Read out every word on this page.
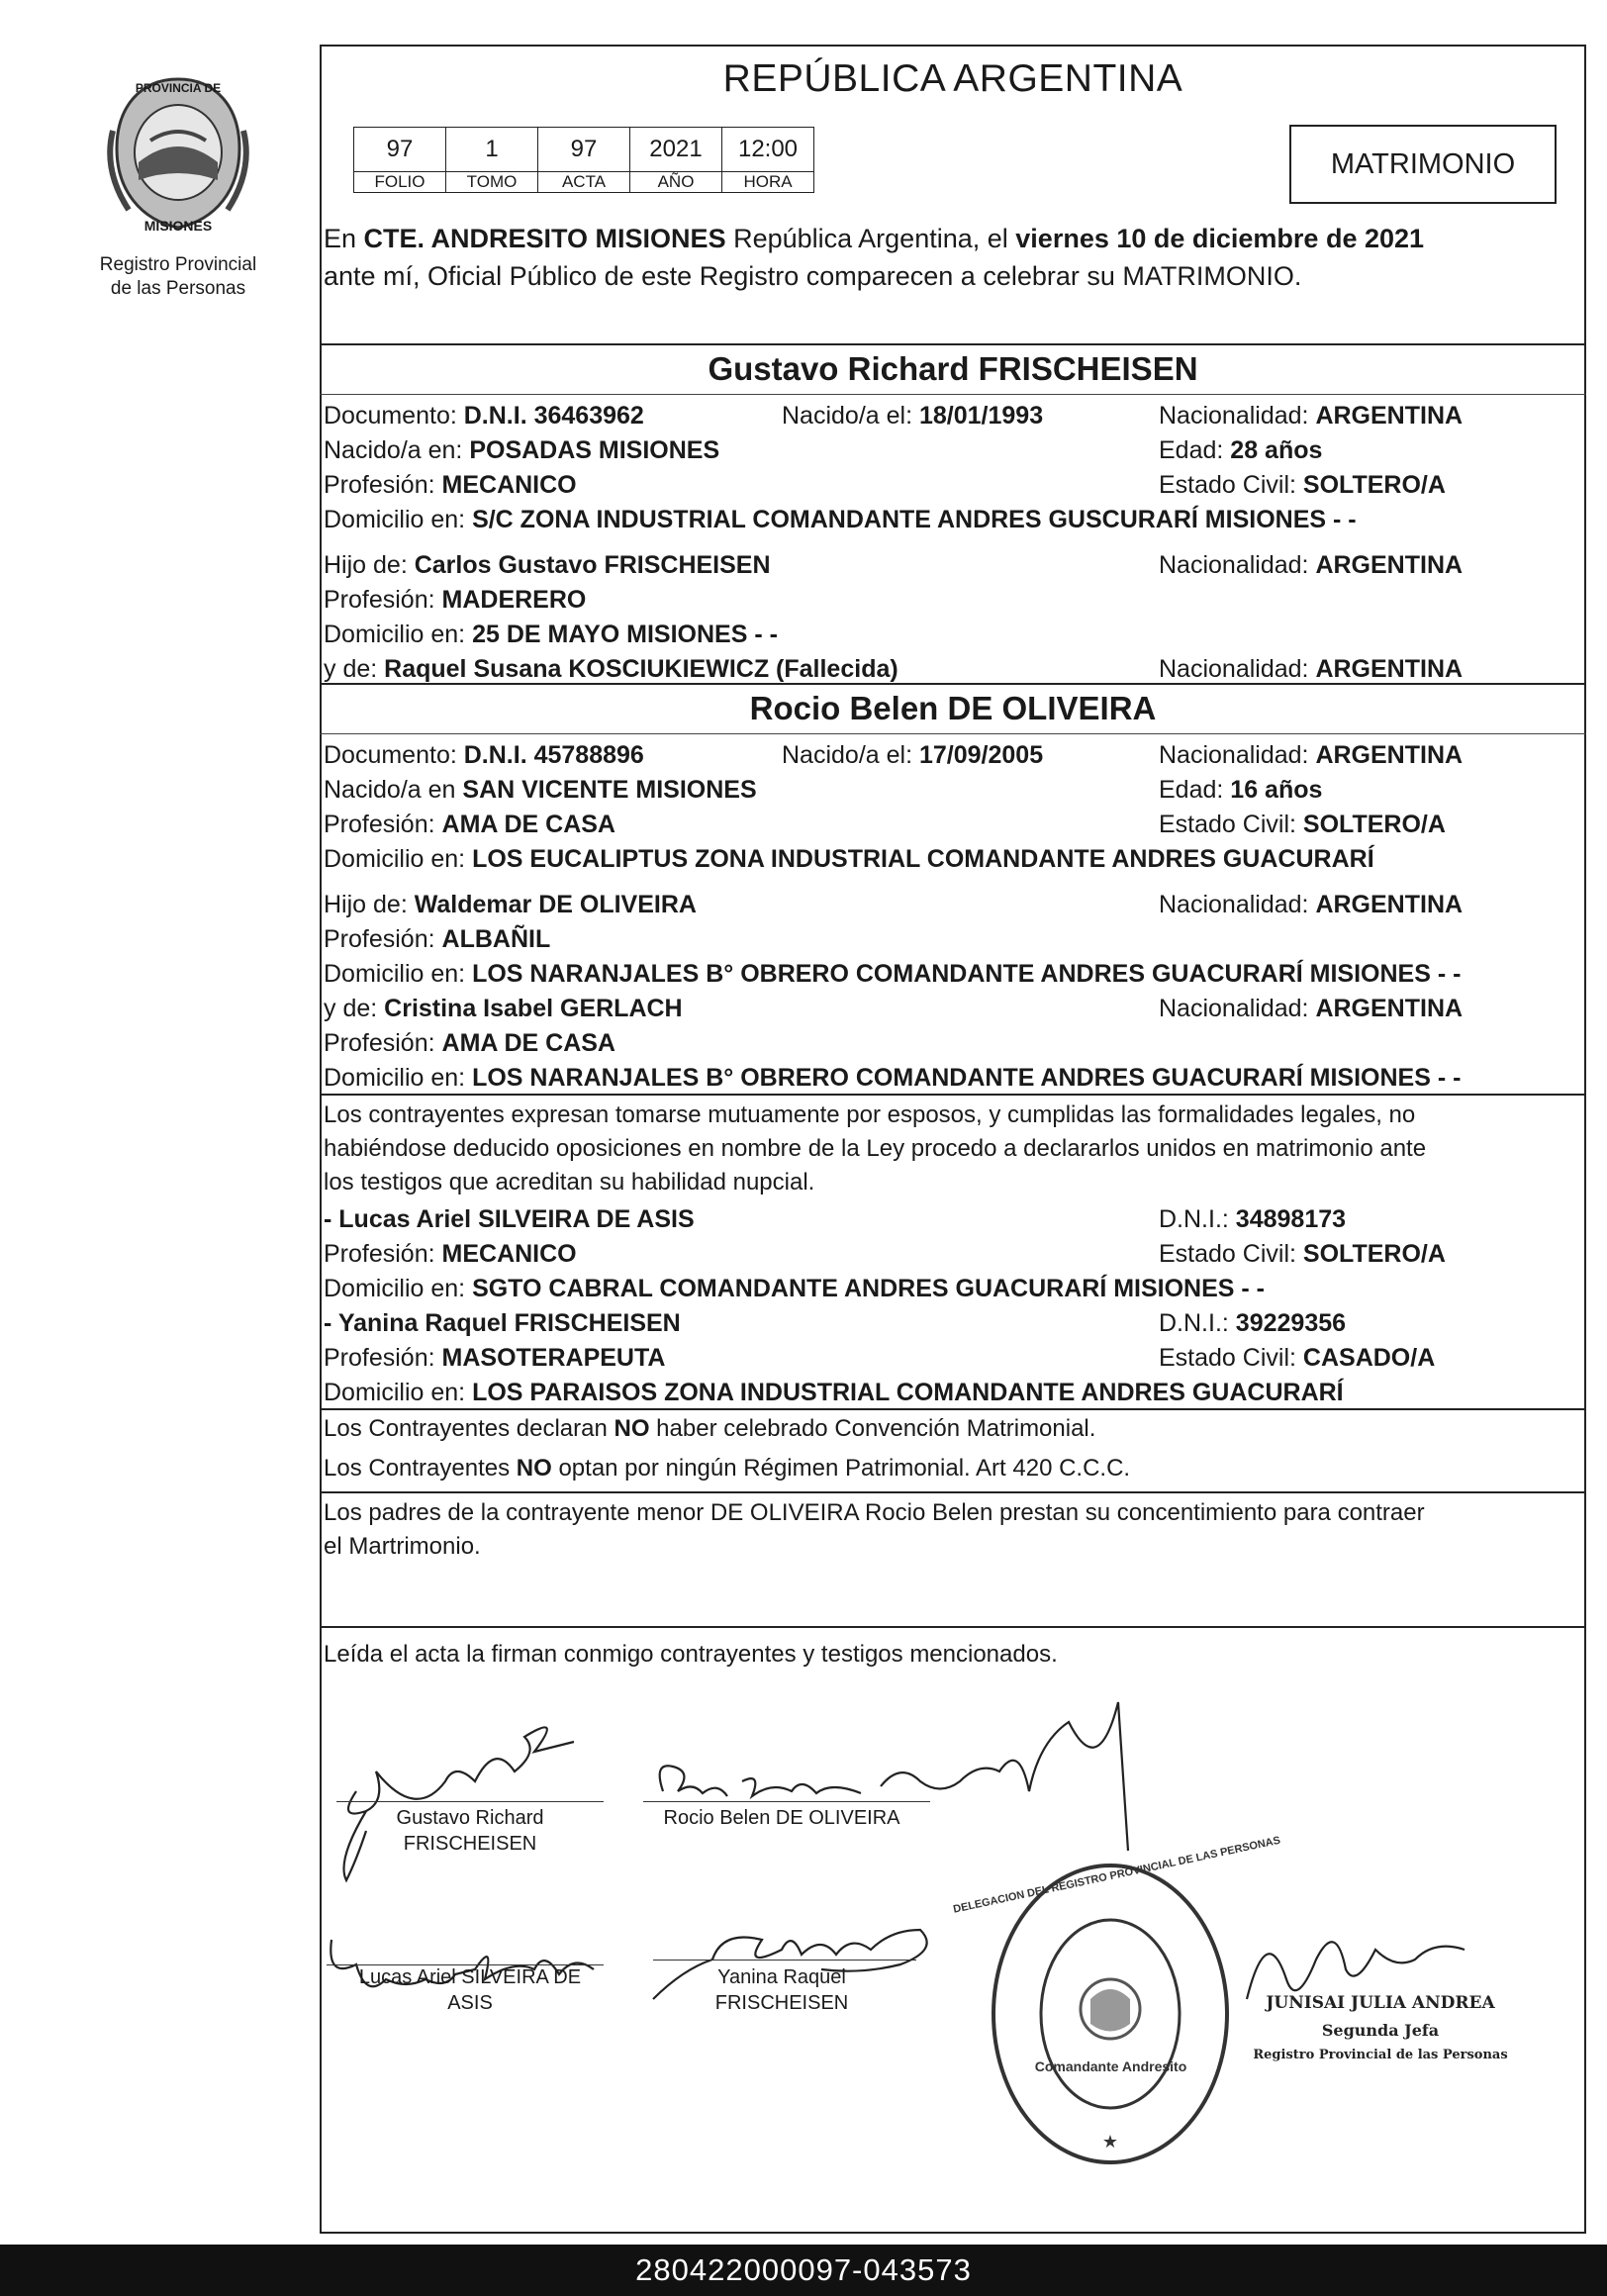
PROVINCIA DE
MISIONES
Registro Provincial
de las Personas
REPÚBLICA ARGENTINA
97	1	97	2021	12:00
FOLIO	TOMO	ACTA	AÑO	HORA
MATRIMONIO
En CTE. ANDRESITO MISIONES República Argentina, el viernes 10 de diciembre de 2021
ante mí, Oficial Público de este Registro comparecen a celebrar su MATRIMONIO.
Gustavo Richard FRISCHEISEN
Documento: D.N.I. 36463962	Nacido/a el: 18/01/1993	Nacionalidad: ARGENTINA
Nacido/a en: POSADAS MISIONES	Edad: 28 años
Profesión: MECANICO	Estado Civil: SOLTERO/A
Domicilio en: S/C ZONA INDUSTRIAL COMANDANTE ANDRES GUSCURARÍ MISIONES - -
Hijo de: Carlos Gustavo FRISCHEISEN	Nacionalidad: ARGENTINA
Profesión: MADERERO
Domicilio en: 25 DE MAYO MISIONES - -
y de: Raquel Susana KOSCIUKIEWICZ (Fallecida)	Nacionalidad: ARGENTINA
Rocio Belen DE OLIVEIRA
Documento: D.N.I. 45788896	Nacido/a el: 17/09/2005	Nacionalidad: ARGENTINA
Nacido/a en SAN VICENTE MISIONES	Edad: 16 años
Profesión: AMA DE CASA	Estado Civil: SOLTERO/A
Domicilio en: LOS EUCALIPTUS ZONA INDUSTRIAL COMANDANTE ANDRES GUACURARÍ
Hijo de: Waldemar DE OLIVEIRA	Nacionalidad: ARGENTINA
Profesión: ALBAÑIL
Domicilio en: LOS NARANJALES B° OBRERO COMANDANTE ANDRES GUACURARÍ MISIONES - -
y de: Cristina Isabel GERLACH	Nacionalidad: ARGENTINA
Profesión: AMA DE CASA
Domicilio en: LOS NARANJALES B° OBRERO COMANDANTE ANDRES GUACURARÍ MISIONES - -
Los contrayentes expresan tomarse mutuamente por esposos, y cumplidas las formalidades legales, no
habiéndose deducido oposiciones en nombre de la Ley procedo a declararlos unidos en matrimonio ante
los testigos que acreditan su habilidad nupcial.
- Lucas Ariel SILVEIRA DE ASIS	D.N.I.: 34898173
Profesión: MECANICO	Estado Civil: SOLTERO/A
Domicilio en: SGTO CABRAL COMANDANTE ANDRES GUACURARÍ MISIONES - -
- Yanina Raquel FRISCHEISEN	D.N.I.: 39229356
Profesión: MASOTERAPEUTA	Estado Civil: CASADO/A
Domicilio en: LOS PARAISOS ZONA INDUSTRIAL COMANDANTE ANDRES GUACURARÍ
Los Contrayentes declaran NO haber celebrado Convención Matrimonial.
Los Contrayentes NO optan por ningún Régimen Patrimonial. Art 420 C.C.C.
Los padres de la contrayente menor DE OLIVEIRA Rocio Belen prestan su concentimiento para contraer
el Martrimonio.
Leída el acta la firman conmigo contrayentes y testigos mencionados.
Gustavo Richard
FRISCHEISEN
Rocio Belen DE OLIVEIRA
Lucas Ariel SILVEIRA DE
ASIS
Yanina Raquel
FRISCHEISEN
★
DELEGACION DEL REGISTRO PROVINCIAL DE LAS PERSONAS
Comandante Andresito
JUNISAI JULIA ANDREA
Segunda Jefa
Registro Provincial de las Personas
280422000097-043573
